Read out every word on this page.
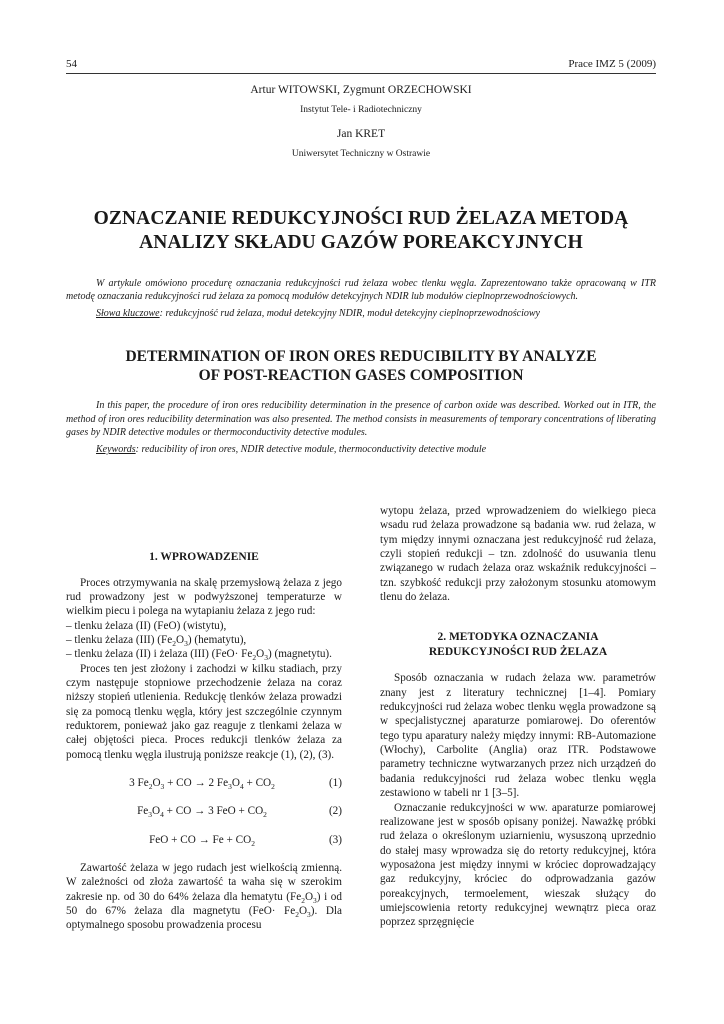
54	Prace IMZ 5 (2009)
Artur WITOWSKI, Zygmunt ORZECHOWSKI
Instytut Tele- i Radiotechniczny
Jan KRET
Uniwersytet Techniczny w Ostrawie
OZNACZANIE REDUKCYJNOŚCI RUD ŻELAZA METODĄ
ANALIZY SKŁADU GAZÓW POREAKCYJNYCH
W artykule omówiono procedurę oznaczania redukcyjności rud żelaza wobec tlenku węgla. Zaprezentowano także opracowaną w ITR metodę oznaczania redukcyjności rud żelaza za pomocą modułów detekcyjnych NDIR lub modułów cieplnoprzewodnościowych.
Słowa kluczowe: redukcyjność rud żelaza, moduł detekcyjny NDIR, moduł detekcyjny cieplnoprzewodnościowy
DETERMINATION OF IRON ORES REDUCIBILITY BY ANALYZE
OF POST-REACTION GASES COMPOSITION
In this paper, the procedure of iron ores reducibility determination in the presence of carbon oxide was described. Worked out in ITR, the method of iron ores reducibility determination was also presented. The method consists in measurements of temporary concentrations of liberating gases by NDIR detective modules or thermoconductivity detective modules.
Keywords: reducibility of iron ores, NDIR detective module, thermoconductivity detective module
1. WPROWADZENIE

Proces otrzymywania na skalę przemysłową żelaza z jego rud prowadzony jest w podwyższonej temperaturze w wielkim piecu i polega na wytapianiu żelaza z jego rud:

– tlenku żelaza (II) (FeO) (wistytu),
– tlenku żelaza (III) $(Fe_2O_3)$ (hematytu),
– tlenku żelaza (II) i żelaza (III) $(FeO\cdot Fe_2O_3)$ (magnetytu).

Proces ten jest złożony i zachodzi w kilku stadiach, przy czym następuje stopniowe przechodzenie żelaza na coraz niższy stopień utlenienia. Redukcję tlenków żelaza prowadzi się za pomocą tlenku węgla, który jest szczególnie czynnym reduktorem, ponieważ jako gaz reaguje z tlenkami żelaza w całej objętości pieca. Proces redukcji tlenków żelaza za pomocą tlenku węgla ilustrują poniższe reakcje (1), (2), (3).

3 $Fe_2O_3$ + CO → 2 $Fe_3O_4 + CO_2$	(1)
$Fe_3O_4$ + CO → 3 FeO + $CO_2$	(2)
FeO + CO → $Fe + CO_2$	(3)

Zawartość żelaza w jego rudach jest wielkością zmienną. W zależności od złoża zawartość ta waha się w szerokim zakresie np. od 30 do 64% żelaza dla hematytu $(Fe_2O_3)$ i od 50 do 67% żelaza dla magnetytu $(FeO\cdot Fe_2O_3)$. Dla optymalnego sposobu prowadzenia procesu

wytopu żelaza, przed wprowadzeniem do wielkiego pieca wsadu rud żelaza prowadzone są badania ww. rud żelaza, w tym między innymi oznaczana jest redukcyjność rud żelaza, czyli stopień redukcji – tzn. zdolność do usuwania tlenu związanego w rudach żelaza oraz wskaźnik redukcyjności – tzn. szybkość redukcji przy założonym stosunku atomowym tlenu do żelaza.

2. METODYKA OZNACZANIA
REDUKCYJNOŚCI RUD ŻELAZA

Sposób oznaczania w rudach żelaza ww. parametrów znany jest z literatury technicznej [1–4]. Pomiary redukcyjności rud żelaza wobec tlenku węgla prowadzone są w specjalistycznej aparaturze pomiarowej. Do oferentów tego typu aparatury należy między innymi: RB-Automazione (Włochy), Carbolite (Anglia) oraz ITR. Podstawowe parametry techniczne wytwarzanych przez nich urządzeń do badania redukcyjności rud żelaza wobec tlenku węgla zestawiono w tabeli nr 1 [3–5].

Oznaczanie redukcyjności w ww. aparaturze pomiarowej realizowane jest w sposób opisany poniżej. Naważkę próbki rud żelaza o określonym uziarnieniu, wysuszoną uprzednio do stałej masy wprowadza się do retorty redukcyjnej, która wyposażona jest między innymi w króciec doprowadzający gaz redukcyjny, króciec do odprowadzania gazów poreakcyjnych, termoelement, wieszak służący do umiejscowienia retorty redukcyjnej wewnątrz pieca oraz poprzez sprzęgnięcie
